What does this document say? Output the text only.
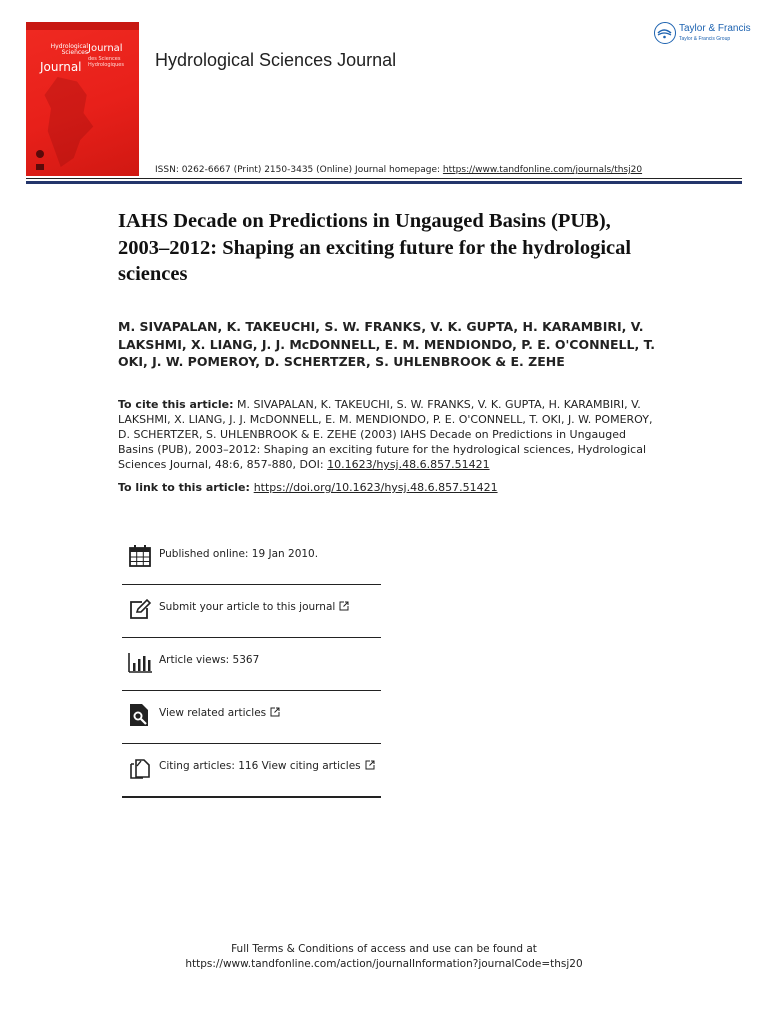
Hydrological Sciences Journal
Journal
des Sciences Hydrologiques	Hydrological Sciences Journal
Taylor & Francis
Taylor & Francis Group
ISSN: 0262-6667 (Print) 2150-3435 (Online) Journal homepage: https://www.tandfonline.com/journals/thsj20
IAHS Decade on Predictions in Ungauged Basins (PUB), 2003–2012: Shaping an exciting future for the hydrological sciences
M. SIVAPALAN, K. TAKEUCHI, S. W. FRANKS, V. K. GUPTA, H. KARAMBIRI, V. LAKSHMI, X. LIANG, J. J. McDONNELL, E. M. MENDIONDO, P. E. O'CONNELL, T. OKI, J. W. POMEROY, D. SCHERTZER, S. UHLENBROOK & E. ZEHE
To cite this article: M. SIVAPALAN, K. TAKEUCHI, S. W. FRANKS, V. K. GUPTA, H. KARAMBIRI, V. LAKSHMI, X. LIANG, J. J. McDONNELL, E. M. MENDIONDO, P. E. O'CONNELL, T. OKI, J. W. POMEROY, D. SCHERTZER, S. UHLENBROOK & E. ZEHE (2003) IAHS Decade on Predictions in Ungauged Basins (PUB), 2003–2012: Shaping an exciting future for the hydrological sciences, Hydrological Sciences Journal, 48:6, 857-880, DOI: 10.1623/hysj.48.6.857.51421
To link to this article: https://doi.org/10.1623/hysj.48.6.857.51421
Published online: 19 Jan 2010.
Submit your article to this journal
Article views: 5367
View related articles
Citing articles: 116 View citing articles
Full Terms & Conditions of access and use can be found at
https://www.tandfonline.com/action/journalInformation?journalCode=thsj20
